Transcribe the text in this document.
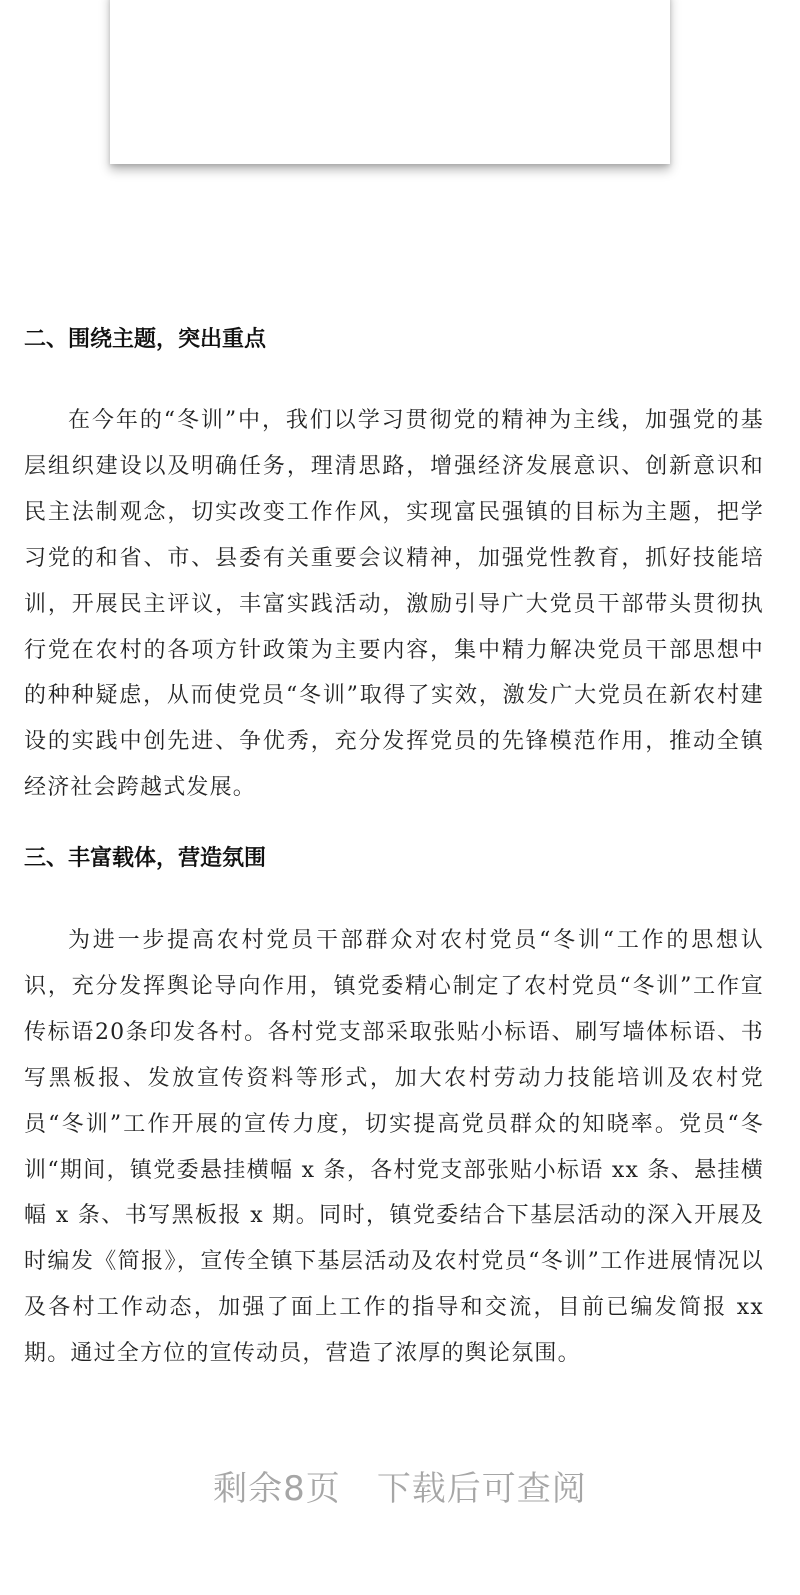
二、围绕主题，突出重点

在今年的“冬训”中，我们以学习贯彻党的精神为主线，加强党的基层组织建设以及明确任务，理清思路，增强经济发展意识、创新意识和民主法制观念，切实改变工作作风，实现富民强镇的目标为主题，把学习党的和省、市、县委有关重要会议精神，加强党性教育，抓好技能培训，开展民主评议，丰富实践活动，激励引导广大党员干部带头贯彻执行党在农村的各项方针政策为主要内容，集中精力解决党员干部思想中的种种疑虑，从而使党员“冬训”取得了实效，激发广大党员在新农村建设的实践中创先进、争优秀，充分发挥党员的先锋模范作用，推动全镇经济社会跨越式发展。

三、丰富载体，营造氛围

为进一步提高农村党员干部群众对农村党员“冬训“工作的思想认识，充分发挥舆论导向作用，镇党委精心制定了农村党员“冬训”工作宣传标语20条印发各村。各村党支部采取张贴小标语、刷写墙体标语、书写黑板报、发放宣传资料等形式，加大农村劳动力技能培训及农村党员“冬训”工作开展的宣传力度，切实提高党员群众的知晓率。党员“冬训“期间，镇党委悬挂横幅 x 条，各村党支部张贴小标语 xx 条、悬挂横幅 x 条、书写黑板报 x 期。同时，镇党委结合下基层活动的深入开展及时编发《简报》，宣传全镇下基层活动及农村党员“冬训”工作进展情况以及各村工作动态，加强了面上工作的指导和交流，目前已编发简报 xx 期。通过全方位的宣传动员，营造了浓厚的舆论氛围。

剩余8页 下载后可查阅
